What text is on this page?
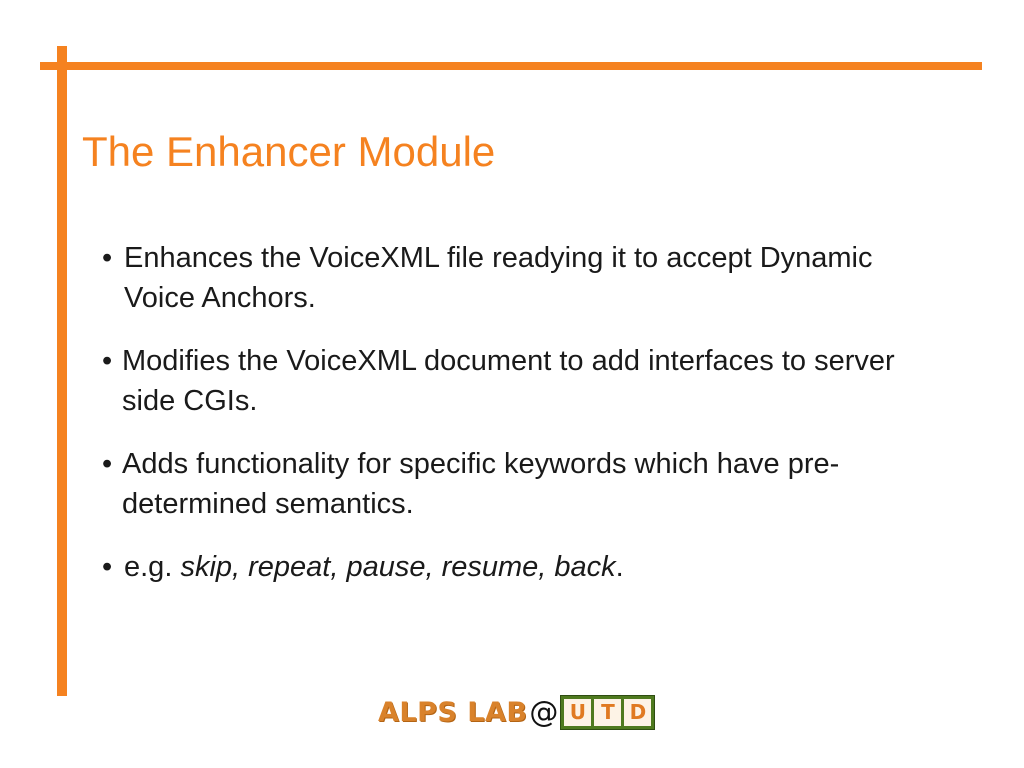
The Enhancer Module
• Enhances the VoiceXML file readying it to accept Dynamic Voice Anchors.
• Modifies the VoiceXML document to add interfaces to server side CGIs.
• Adds functionality for specific keywords which have pre-determined semantics.
• e.g. skip, repeat, pause, resume, back.
ALPS LAB @ U T D
